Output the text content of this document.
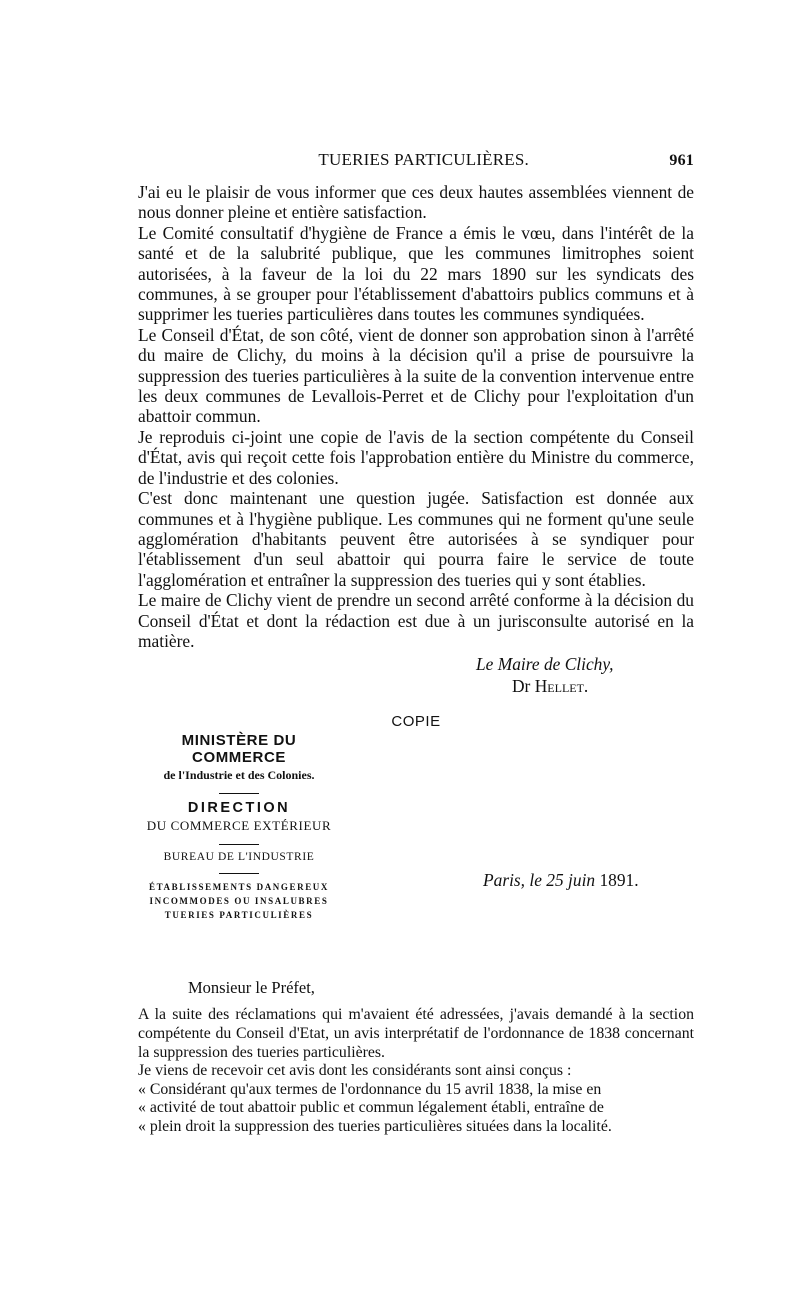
TUERIES PARTICULIÈRES.	961

J'ai eu le plaisir de vous informer que ces deux hautes assemblées viennent de nous donner pleine et entière satisfaction.

Le Comité consultatif d'hygiène de France a émis le vœu, dans l'intérêt de la santé et de la salubrité publique, que les communes limitrophes soient autorisées, à la faveur de la loi du 22 mars 1890 sur les syndicats des communes, à se grouper pour l'établissement d'abattoirs publics communs et à supprimer les tueries particulières dans toutes les communes syndiquées.

Le Conseil d'État, de son côté, vient de donner son approbation sinon à l'arrêté du maire de Clichy, du moins à la décision qu'il a prise de poursuivre la suppression des tueries particulières à la suite de la convention intervenue entre les deux communes de Levallois-Perret et de Clichy pour l'exploitation d'un abattoir commun.

Je reproduis ci-joint une copie de l'avis de la section compétente du Conseil d'État, avis qui reçoit cette fois l'approbation entière du Ministre du commerce, de l'industrie et des colonies.

C'est donc maintenant une question jugée. Satisfaction est donnée aux communes et à l'hygiène publique. Les communes qui ne forment qu'une seule agglomération d'habitants peuvent être autorisées à se syndiquer pour l'établissement d'un seul abattoir qui pourra faire le service de toute l'agglomération et entraîner la suppression des tueries qui y sont établies.

Le maire de Clichy vient de prendre un second arrêté conforme à la décision du Conseil d'État et dont la rédaction est due à un jurisconsulte autorisé en la matière.

Le Maire de Clichy,
Dr Hellet.
COPIE
MINISTÈRE DU COMMERCE
de l'Industrie et des Colonies.
DIRECTION
DU COMMERCE EXTÉRIEUR
BUREAU DE L'INDUSTRIE
ÉTABLISSEMENTS DANGEREUX
INCOMMODES OU INSALUBRES
TUERIES PARTICULIÈRES
Paris, le 25 juin 1891.
Monsieur le Préfet,

A la suite des réclamations qui m'avaient été adressées, j'avais demandé à la section compétente du Conseil d'Etat, un avis interprétatif de l'ordonnance de 1838 concernant la suppression des tueries particulières.

Je viens de recevoir cet avis dont les considérants sont ainsi conçus :

« Considérant qu'aux termes de l'ordonnance du 15 avril 1838, la mise en

« activité de tout abattoir public et commun légalement établi, entraîne de

« plein droit la suppression des tueries particulières situées dans la localité.
